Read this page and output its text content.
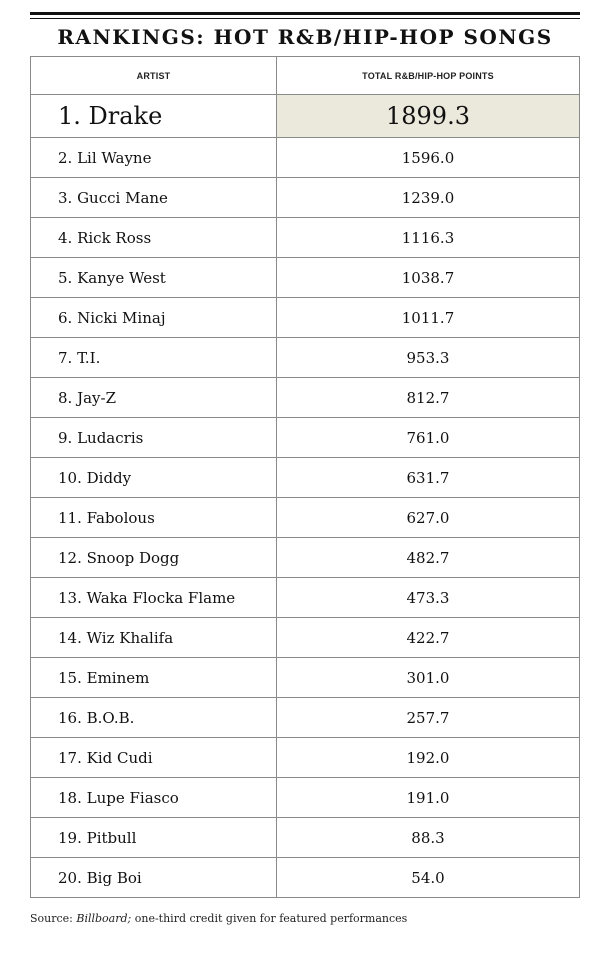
RANKINGS: HOT R&B/HIP-HOP SONGS
ARTIST	TOTAL R&B/HIP-HOP POINTS
1. Drake	1899.3
2. Lil Wayne	1596.0
3. Gucci Mane	1239.0
4. Rick Ross	1116.3
5. Kanye West	1038.7
6. Nicki Minaj	1011.7
7. T.I.	953.3
8. Jay-Z	812.7
9. Ludacris	761.0
10. Diddy	631.7
11. Fabolous	627.0
12. Snoop Dogg	482.7
13. Waka Flocka Flame	473.3
14. Wiz Khalifa	422.7
15. Eminem	301.0
16. B.O.B.	257.7
17. Kid Cudi	192.0
18. Lupe Fiasco	191.0
19. Pitbull	88.3
20. Big Boi	54.0
Source: Billboard; one-third credit given for featured performances
